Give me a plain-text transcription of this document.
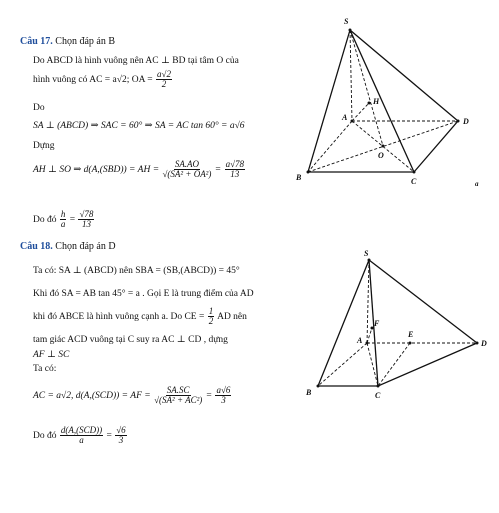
Câu 17. Chọn đáp án B
Do ABCD là hình vuông nên AC ⊥ BD tại tâm O của
hình vuông có AC = a√2; OA = $\frac{a√2}{2}$
Do
SA ⊥ (ABCD) ⇒ SAC = 60° ⇒ SA = AC tan 60° = a√6
Dựng
AH ⊥ SO ⇒ d(A,(SBD)) = AH = $\frac{SA.AO}{\text{√(SA² + OA²)}} = \frac{a√78}{13}$
Do đó $\frac{h}{a} = \frac{√78}{13}$
Câu 18. Chọn đáp án D
Ta có: SA ⊥ (ABCD) nên SBA = (SB,(ABCD)) = 45°
Khi đó SA = AB tan 45° = a . Gọi E là trung điểm của AD
khi đó ABCE là hình vuông cạnh a. Do CE = $\frac{1}{2}$ AD nên
tam giác ACD vuông tại C suy ra AC ⊥ CD , dựng
AF ⊥ SC
Ta có:
AC = a√2, d(A,(SCD)) = AF = $\frac{SA.SC}{\text{√(SA² + AC²)}} = \frac{a√6}{3}$
Do đó $\frac{\text{d(A,(SCD))}}{a} = \frac{√6}{3}$
S
A
B	C
D
O
H
a
S
A
B	C
D
E
F
